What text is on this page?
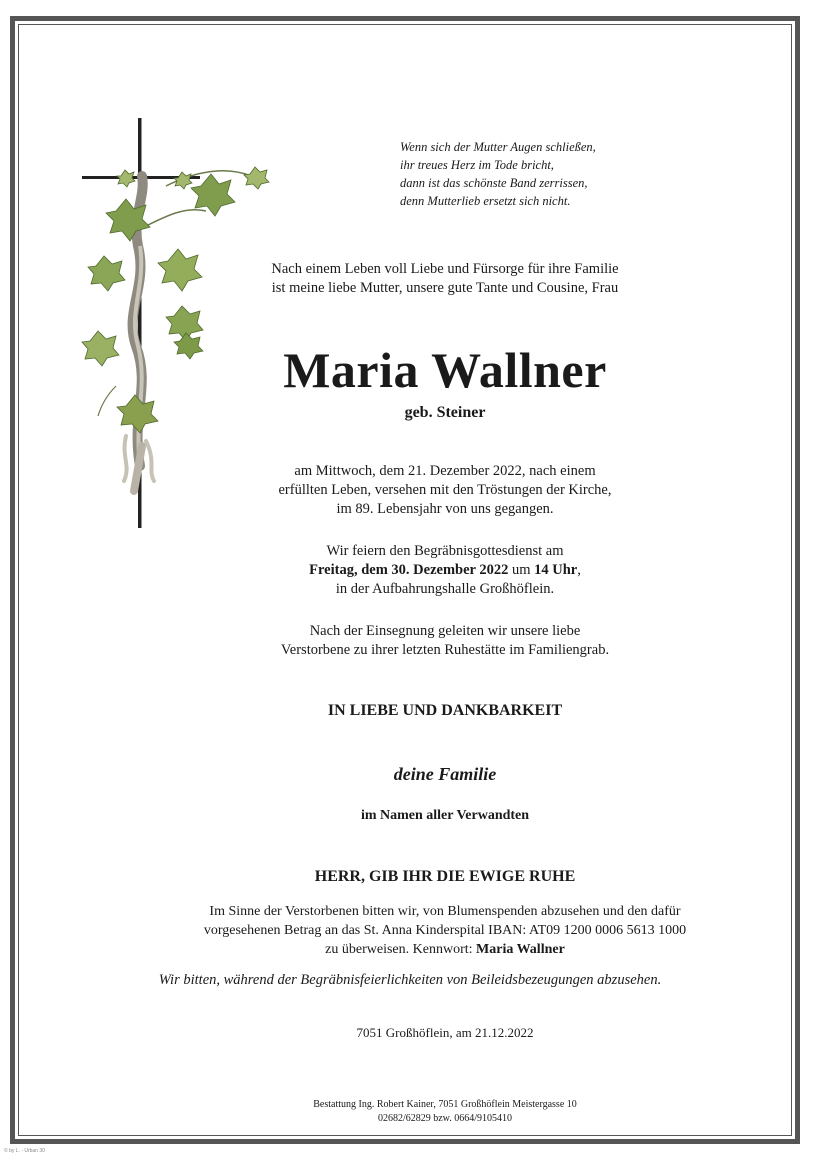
Wenn sich der Mutter Augen schließen,
ihr treues Herz im Tode bricht,
dann ist das schönste Band zerrissen,
denn Mutterlieb ersetzt sich nicht.
Nach einem Leben voll Liebe und Fürsorge für ihre Familie
ist meine liebe Mutter, unsere gute Tante und Cousine, Frau
Maria Wallner
geb. Steiner
am Mittwoch, dem 21. Dezember 2022, nach einem
erfüllten Leben, versehen mit den Tröstungen der Kirche,
im 89. Lebensjahr von uns gegangen.
Wir feiern den Begräbnisgottesdienst am
Freitag, dem 30. Dezember 2022 um 14 Uhr,
in der Aufbahrungshalle Großhöflein.
Nach der Einsegnung geleiten wir unsere liebe
Verstorbene zu ihrer letzten Ruhestätte im Familiengrab.
IN LIEBE UND DANKBARKEIT
deine Familie
im Namen aller Verwandten
HERR, GIB IHR DIE EWIGE RUHE
Im Sinne der Verstorbenen bitten wir, von Blumenspenden abzusehen und den dafür
vorgesehenen Betrag an das St. Anna Kinderspital IBAN: AT09 1200 0006 5613 1000
zu überweisen. Kennwort: Maria Wallner
Wir bitten, während der Begräbnisfeierlichkeiten von Beileidsbezeugungen abzusehen.
7051 Großhöflein, am 21.12.2022
Bestattung Ing. Robert Kainer, 7051 Großhöflein Meistergasse 10
02682/62829 bzw. 0664/9105410
© by L. - Urban 30
